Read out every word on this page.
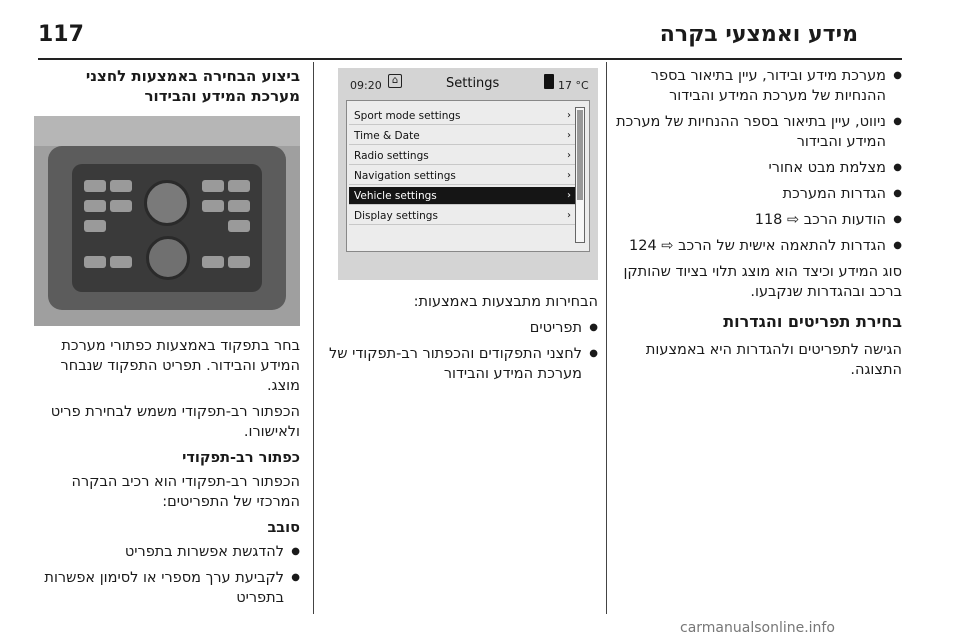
117	מידע ואמצעי בקרה
● מערכת מידע ובידור, עיין בתיאור בספר ההנחיות של מערכת המידע והבידור
● ניווט, עיין בתיאור בספר ההנחיות של מערכת המידע והבידור
● מצלמת מבט אחורי
● הגדרות המערכת
● הודעות הרכב ⇨ 118
● הגדרות להתאמה אישית של הרכב ⇨ 124

סוג המידע וכיצד הוא מוצג תלוי בציוד שהותקן ברכב ובהגדרות שנקבעו.

בחירת תפריטים והגדרות

הגישה לתפריטים ולהגדרות היא באמצעות התצוגה.

09:20	⌂	Settings	17 °C
Sport mode settings	›
Time & Date	›
Radio settings	›
Navigation settings	›
Vehicle settings	›
Display settings	›

הבחירות מתבצעות באמצעות:

● תפריטים
● לחצני התפקודים והכפתור רב-תפקודי של מערכת המידע והבידור
ביצוע הבחירה באמצעות לחצני מערכת המידע והבידור

בחר בתפקוד באמצעות כפתורי מערכת המידע והבידור. תפריט התפקוד שנבחר מוצג.

הכפתור רב-תפקודי משמש לבחירת פריט ולאישורו.

כפתור רב-תפקודי

הכפתור רב-תפקודי הוא רכיב הבקרה המרכזי של התפריטים:

סובב
● להדגשת אפשרות בתפריט
● לקביעת ערך מספרי או לסימון אפשרות בתפריט
carmanualsonline.info
